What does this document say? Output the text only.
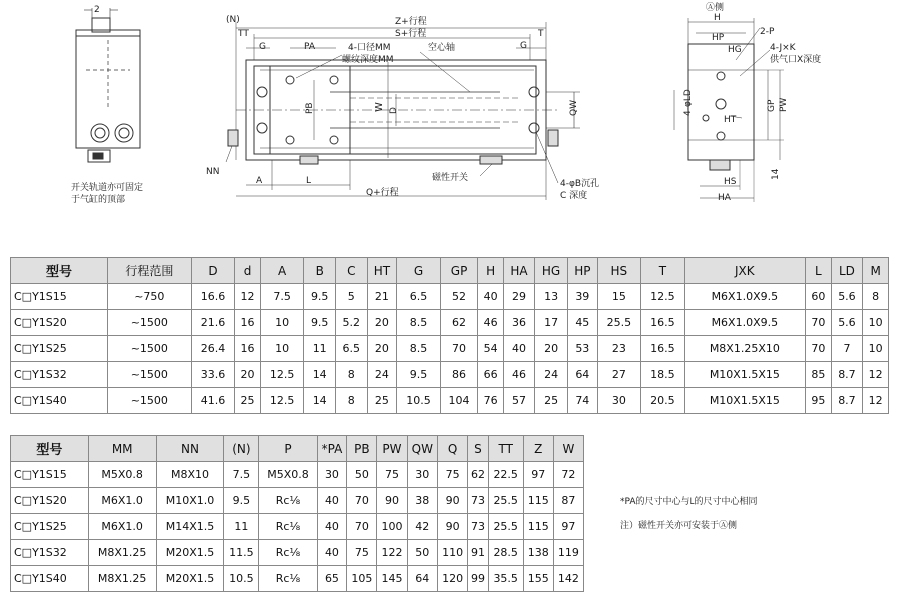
2
开关轨道亦可固定
于气缸的顶部
(N)
T
Z+行程
S+行程
TT
G	PA	G
4-口径MM
螺纹深度MM
空心轴
PB	W D	QW
NN
A	L
Q+行程
磁性开关
4-φB沉孔
C 深度
Ⓐ侧
H
HP
2-P
4-J×K
供气口X深度
HG
4-φLD
HT
GP PW
HS
HA
14
型号	行程范围	D	d	A	B	C	HT	G	GP	H	HA	HG	HP	HS	T	JXK	L	LD	M
C□Y1S15	~750	16.6	12	7.5	9.5	5	21	6.5	52	40	29	13	39	15	12.5	M6X1.0X9.5	60	5.6	8
C□Y1S20	~1500	21.6	16	10	9.5	5.2	20	8.5	62	46	36	17	45	25.5	16.5	M6X1.0X9.5	70	5.6	10
C□Y1S25	~1500	26.4	16	10	11	6.5	20	8.5	70	54	40	20	53	23	16.5	M8X1.25X10	70	7	10
C□Y1S32	~1500	33.6	20	12.5	14	8	24	9.5	86	66	46	24	64	27	18.5	M10X1.5X15	85	8.7	12
C□Y1S40	~1500	41.6	25	12.5	14	8	25	10.5	104	76	57	25	74	30	20.5	M10X1.5X15	95	8.7	12
型号	MM	NN	(N)	P	*PA	PB	PW	QW	Q	S	TT	Z	W
C□Y1S15	M5X0.8	M8X10	7.5	M5X0.8	30	50	75	30	75	62	22.5	97	72
C□Y1S20	M6X1.0	M10X1.0	9.5	Rc⅛	40	70	90	38	90	73	25.5	115	87
C□Y1S25	M6X1.0	M14X1.5	11	Rc⅛	40	70	100	42	90	73	25.5	115	97
C□Y1S32	M8X1.25	M20X1.5	11.5	Rc⅛	40	75	122	50	110	91	28.5	138	119
C□Y1S40	M8X1.25	M20X1.5	10.5	Rc⅛	65	105	145	64	120	99	35.5	155	142
*PA的尺寸中心与L的尺寸中心相同
注）磁性开关亦可安装于Ⓐ侧
